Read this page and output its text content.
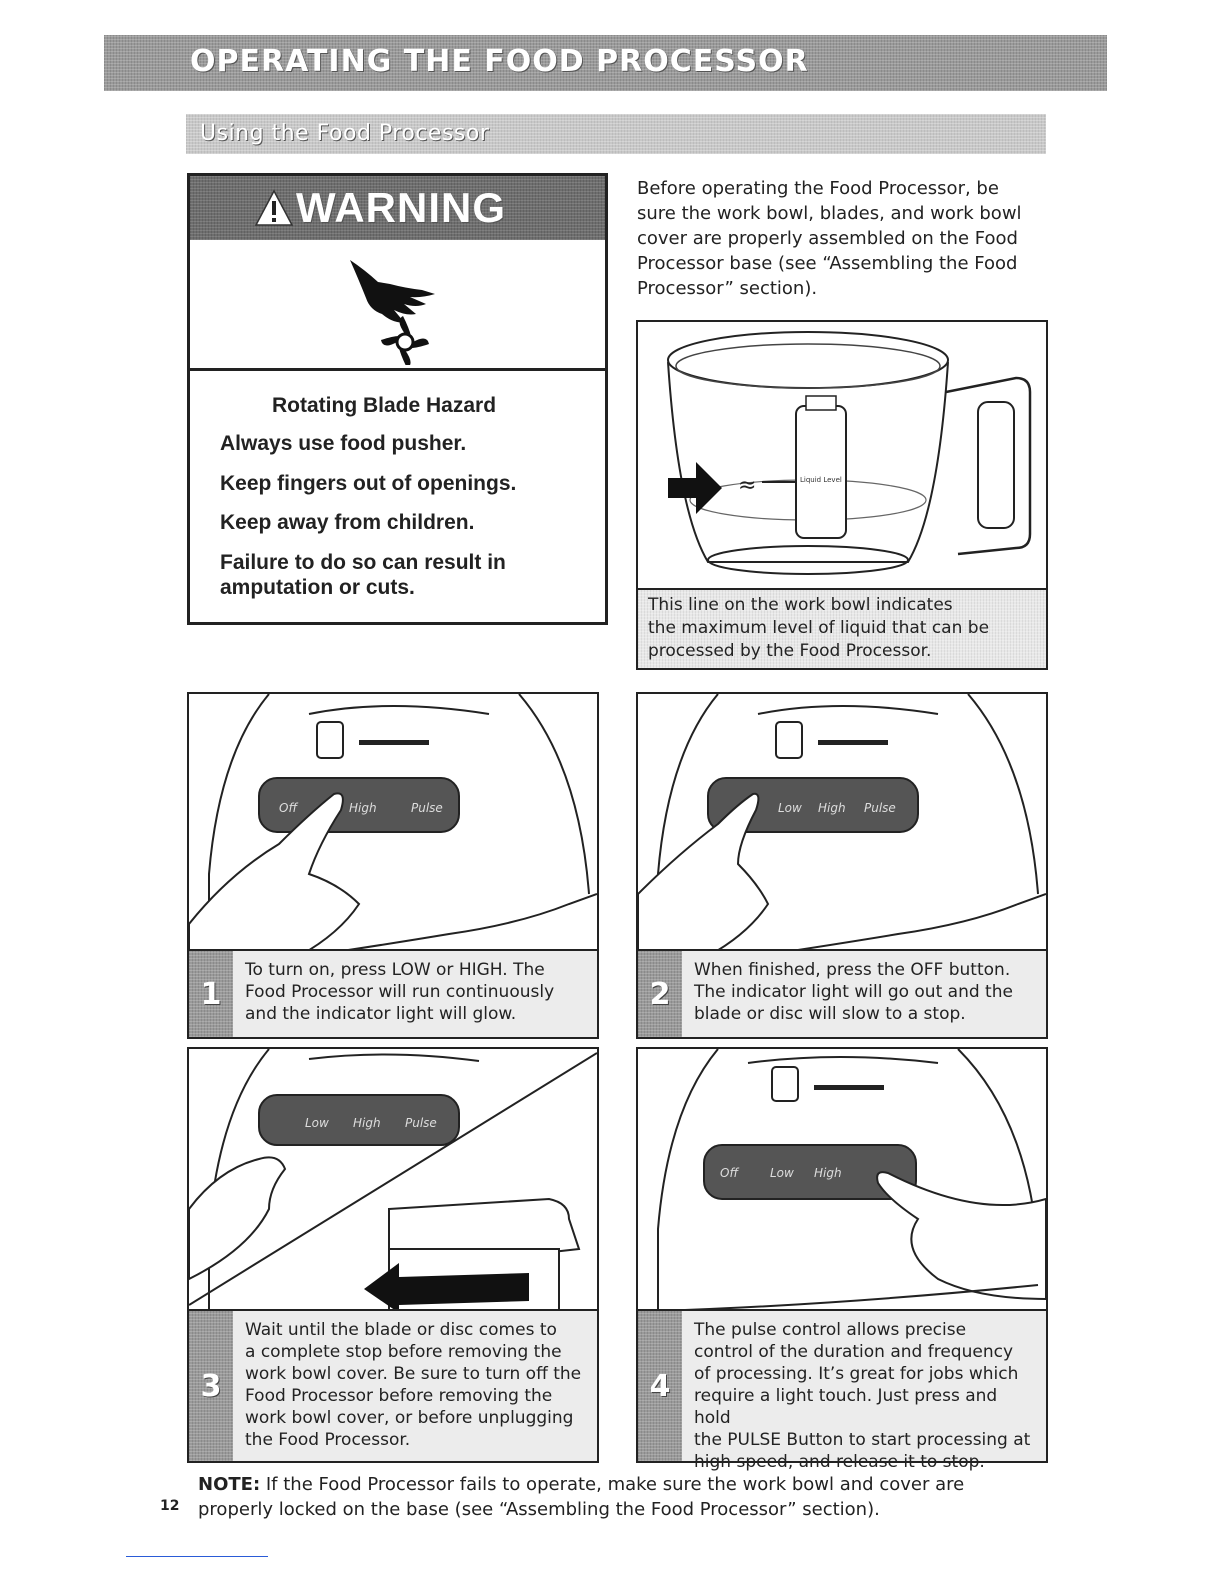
OPERATING THE FOOD PROCESSOR
Using the Food Processor
WARNING
Rotating Blade Hazard
Always use food pusher.
Keep fingers out of openings.
Keep away from children.
Failure to do so can result in
amputation or cuts.
Before operating the Food Processor, be
sure the work bowl, blades, and work bowl
cover are properly assembled on the Food
Processor base (see “Assembling the Food
Processor” section).
≈	Liquid Level
This line on the work bowl indicates
the maximum level of liquid that can be
processed by the Food Processor.
Off	High	Pulse
1
To turn on, press LOW or HIGH. The
Food Processor will run continuously
and the indicator light will glow.
Low High Pulse
2
When finished, press the OFF button.
The indicator light will go out and the
blade or disc will slow to a stop.
Low High Pulse
3
Wait until the blade or disc comes to
a complete stop before removing the
work bowl cover. Be sure to turn off the
Food Processor before removing the
work bowl cover, or before unplugging
the Food Processor.
Off	Low High
4
The pulse control allows precise
control of the duration and frequency
of processing. It’s great for jobs which
require a light touch. Just press and hold
the PULSE Button to start processing at
high speed, and release it to stop.
NOTE: If the Food Processor fails to operate, make sure the work bowl and cover are
properly locked on the base (see “Assembling the Food Processor” section).
12
